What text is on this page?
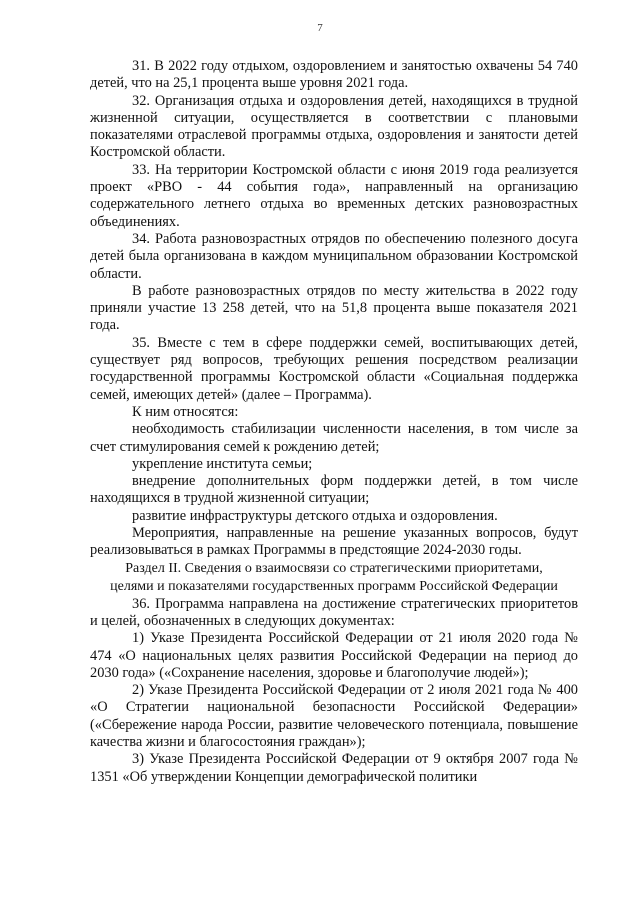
7

31. В 2022 году отдыхом, оздоровлением и занятостью охвачены 54 740 детей, что на 25,1 процента выше уровня 2021 года.

32. Организация отдыха и оздоровления детей, находящихся в трудной жизненной ситуации, осуществляется в соответствии с плановыми показателями отраслевой программы отдыха, оздоровления и занятости детей Костромской области.

33. На территории Костромской области с июня 2019 года реализуется проект «РВО - 44 события года», направленный на организацию содержательного летнего отдыха во временных детских разновозрастных объединениях.

34. Работа разновозрастных отрядов по обеспечению полезного досуга детей была организована в каждом муниципальном образовании Костромской области.

В работе разновозрастных отрядов по месту жительства в 2022 году приняли участие 13 258 детей, что на 51,8 процента выше показателя 2021 года.

35. Вместе с тем в сфере поддержки семей, воспитывающих детей, существует ряд вопросов, требующих решения посредством реализации государственной программы Костромской области «Социальная поддержка семей, имеющих детей» (далее – Программа).

К ним относятся:

необходимость стабилизации численности населения, в том числе за счет стимулирования семей к рождению детей;

укрепление института семьи;

внедрение дополнительных форм поддержки детей, в том числе находящихся в трудной жизненной ситуации;

развитие инфраструктуры детского отдыха и оздоровления.

Мероприятия, направленные на решение указанных вопросов, будут реализовываться в рамках Программы в предстоящие 2024-2030 годы.

Раздел II. Сведения о взаимосвязи со стратегическими приоритетами,
целями и показателями государственных программ Российской Федерации

36. Программа направлена на достижение стратегических приоритетов и целей, обозначенных в следующих документах:

1) Указе Президента Российской Федерации от 21 июля 2020 года № 474 «О национальных целях развития Российской Федерации на период до 2030 года» («Сохранение населения, здоровье и благополучие людей»);

2) Указе Президента Российской Федерации от 2 июля 2021 года № 400 «О Стратегии национальной безопасности Российской Федерации» («Сбережение народа России, развитие человеческого потенциала, повышение качества жизни и благосостояния граждан»);

3) Указе Президента Российской Федерации от 9 октября 2007 года № 1351 «Об утверждении Концепции демографической политики
